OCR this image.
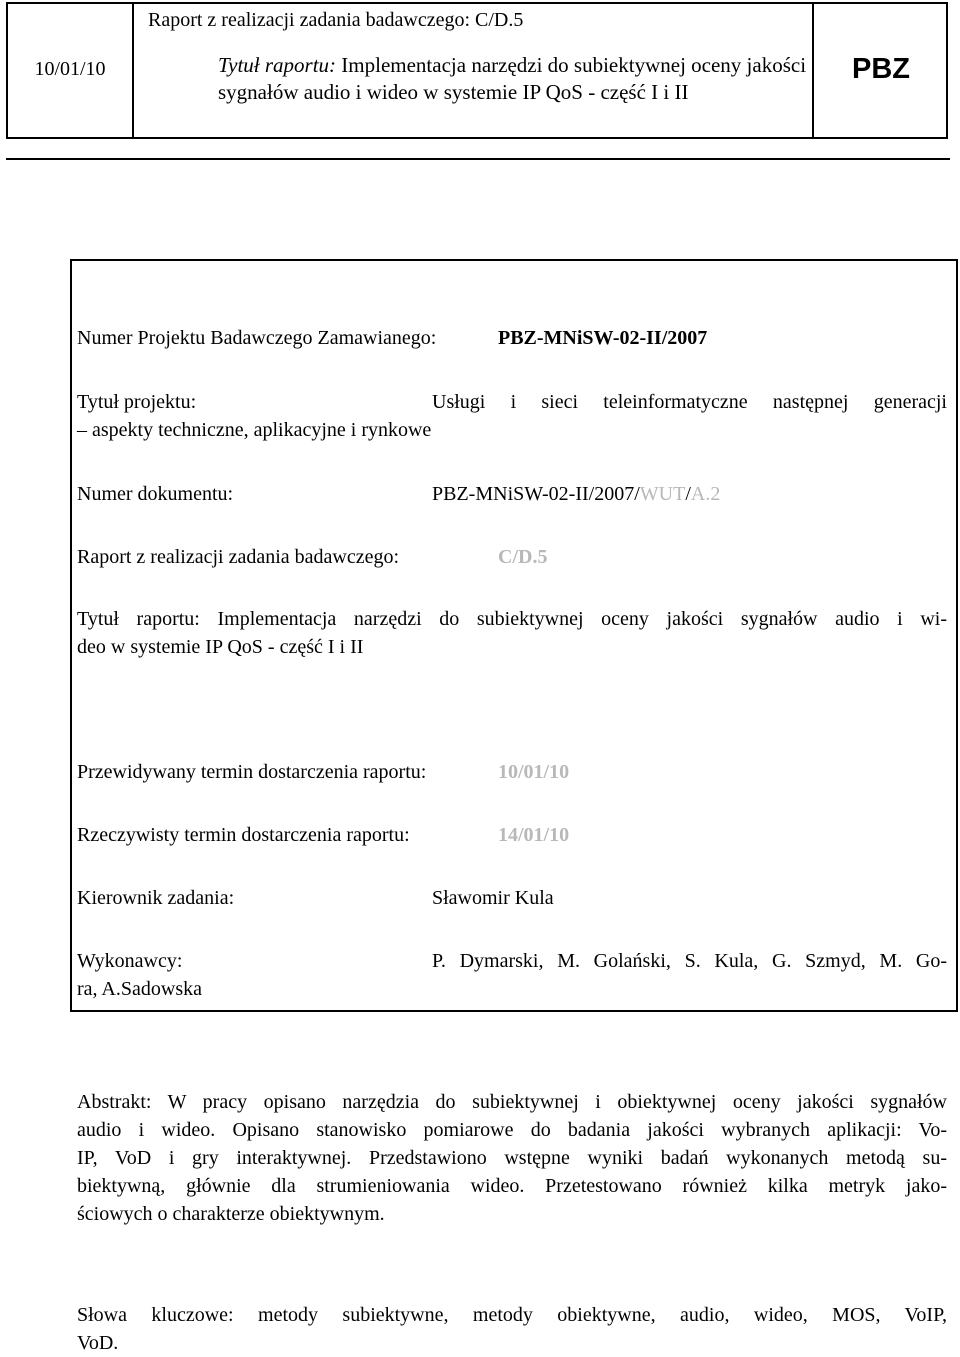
10/01/10
Raport z realizacji zadania badawczego: C/D.5
Tytuł raportu: Implementacja narzędzi do subiektywnej oceny jakości sygnałów audio i wideo w systemie IP QoS - część I i II
PBZ
Numer Projektu Badawczego Zamawianego:	PBZ-MNiSW-02-II/2007
Tytuł projektu:	Usługi i sieci teleinformatyczne następnej generacji
– aspekty techniczne, aplikacyjne i rynkowe
Numer dokumentu:	PBZ-MNiSW-02-II/2007/WUT/A.2
Raport z realizacji zadania badawczego:	C/D.5
Tytuł raportu: Implementacja narzędzi do subiektywnej oceny jakości sygnałów audio i wi-
deo w systemie IP QoS - część I i II
Przewidywany termin dostarczenia raportu:	10/01/10
Rzeczywisty termin dostarczenia raportu:	14/01/10
Kierownik zadania:	Sławomir Kula
Wykonawcy:	P. Dymarski, M. Golański, S. Kula, G. Szmyd, M. Go-
ra, A.Sadowska
Abstrakt: W pracy opisano narzędzia do subiektywnej i obiektywnej oceny jakości sygnałów
audio i wideo. Opisano stanowisko pomiarowe do badania jakości wybranych aplikacji: Vo-
IP, VoD i gry interaktywnej. Przedstawiono wstępne wyniki badań wykonanych metodą su-
biektywną, głównie dla strumieniowania wideo. Przetestowano również kilka metryk jako-
ściowych o charakterze obiektywnym.
Słowa kluczowe: metody subiektywne, metody obiektywne, audio, wideo, MOS, VoIP,
VoD.
